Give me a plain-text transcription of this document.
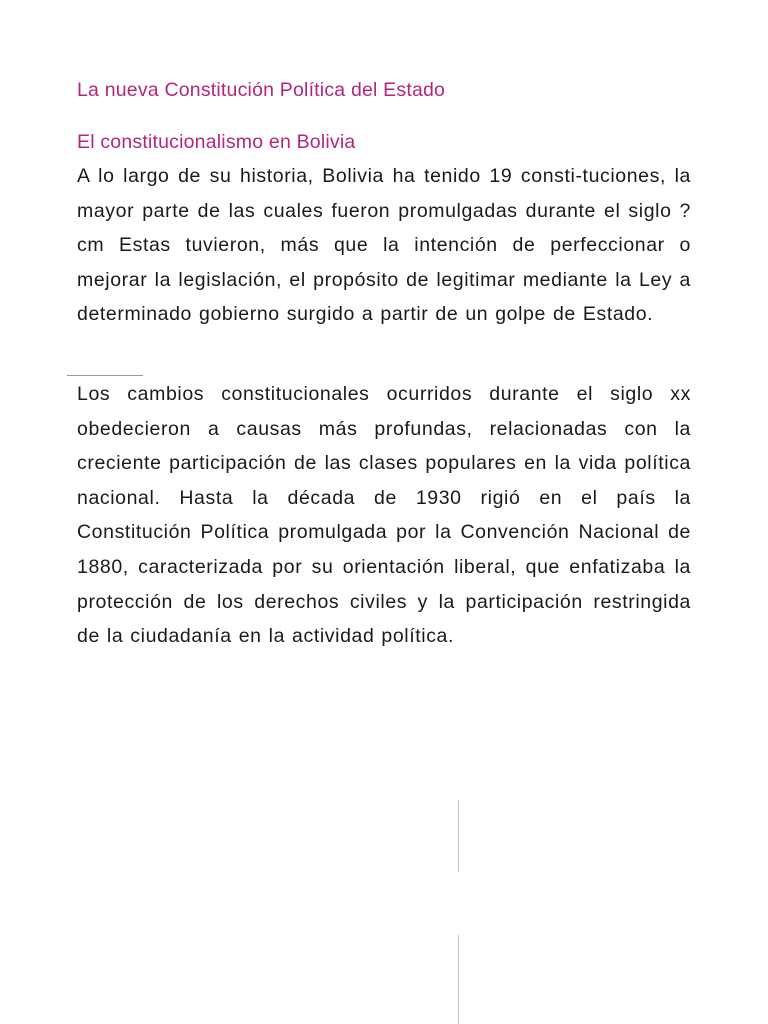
La nueva Constitución Política del Estado
El constitucionalismo en Bolivia

A lo largo de su historia, Bolivia ha tenido 19 consti-tuciones, la mayor parte de las cuales fueron promulgadas durante el siglo ?cm Estas tuvieron, más que la intención de perfeccionar o mejorar la legislación, el propósito de legitimar mediante la Ley a determinado gobierno surgido a partir de un golpe de Estado.

Los cambios constitucionales ocurridos durante el siglo xx obedecieron a causas más profundas, relacionadas con la creciente participación de las clases populares en la vida política nacional. Hasta la década de 1930 rigió en el país la Constitución Política promulgada por la Convención Nacional de 1880, caracterizada por su orientación liberal, que enfatizaba la protección de los derechos civiles y la participación restringida de la ciudadanía en la actividad política.
